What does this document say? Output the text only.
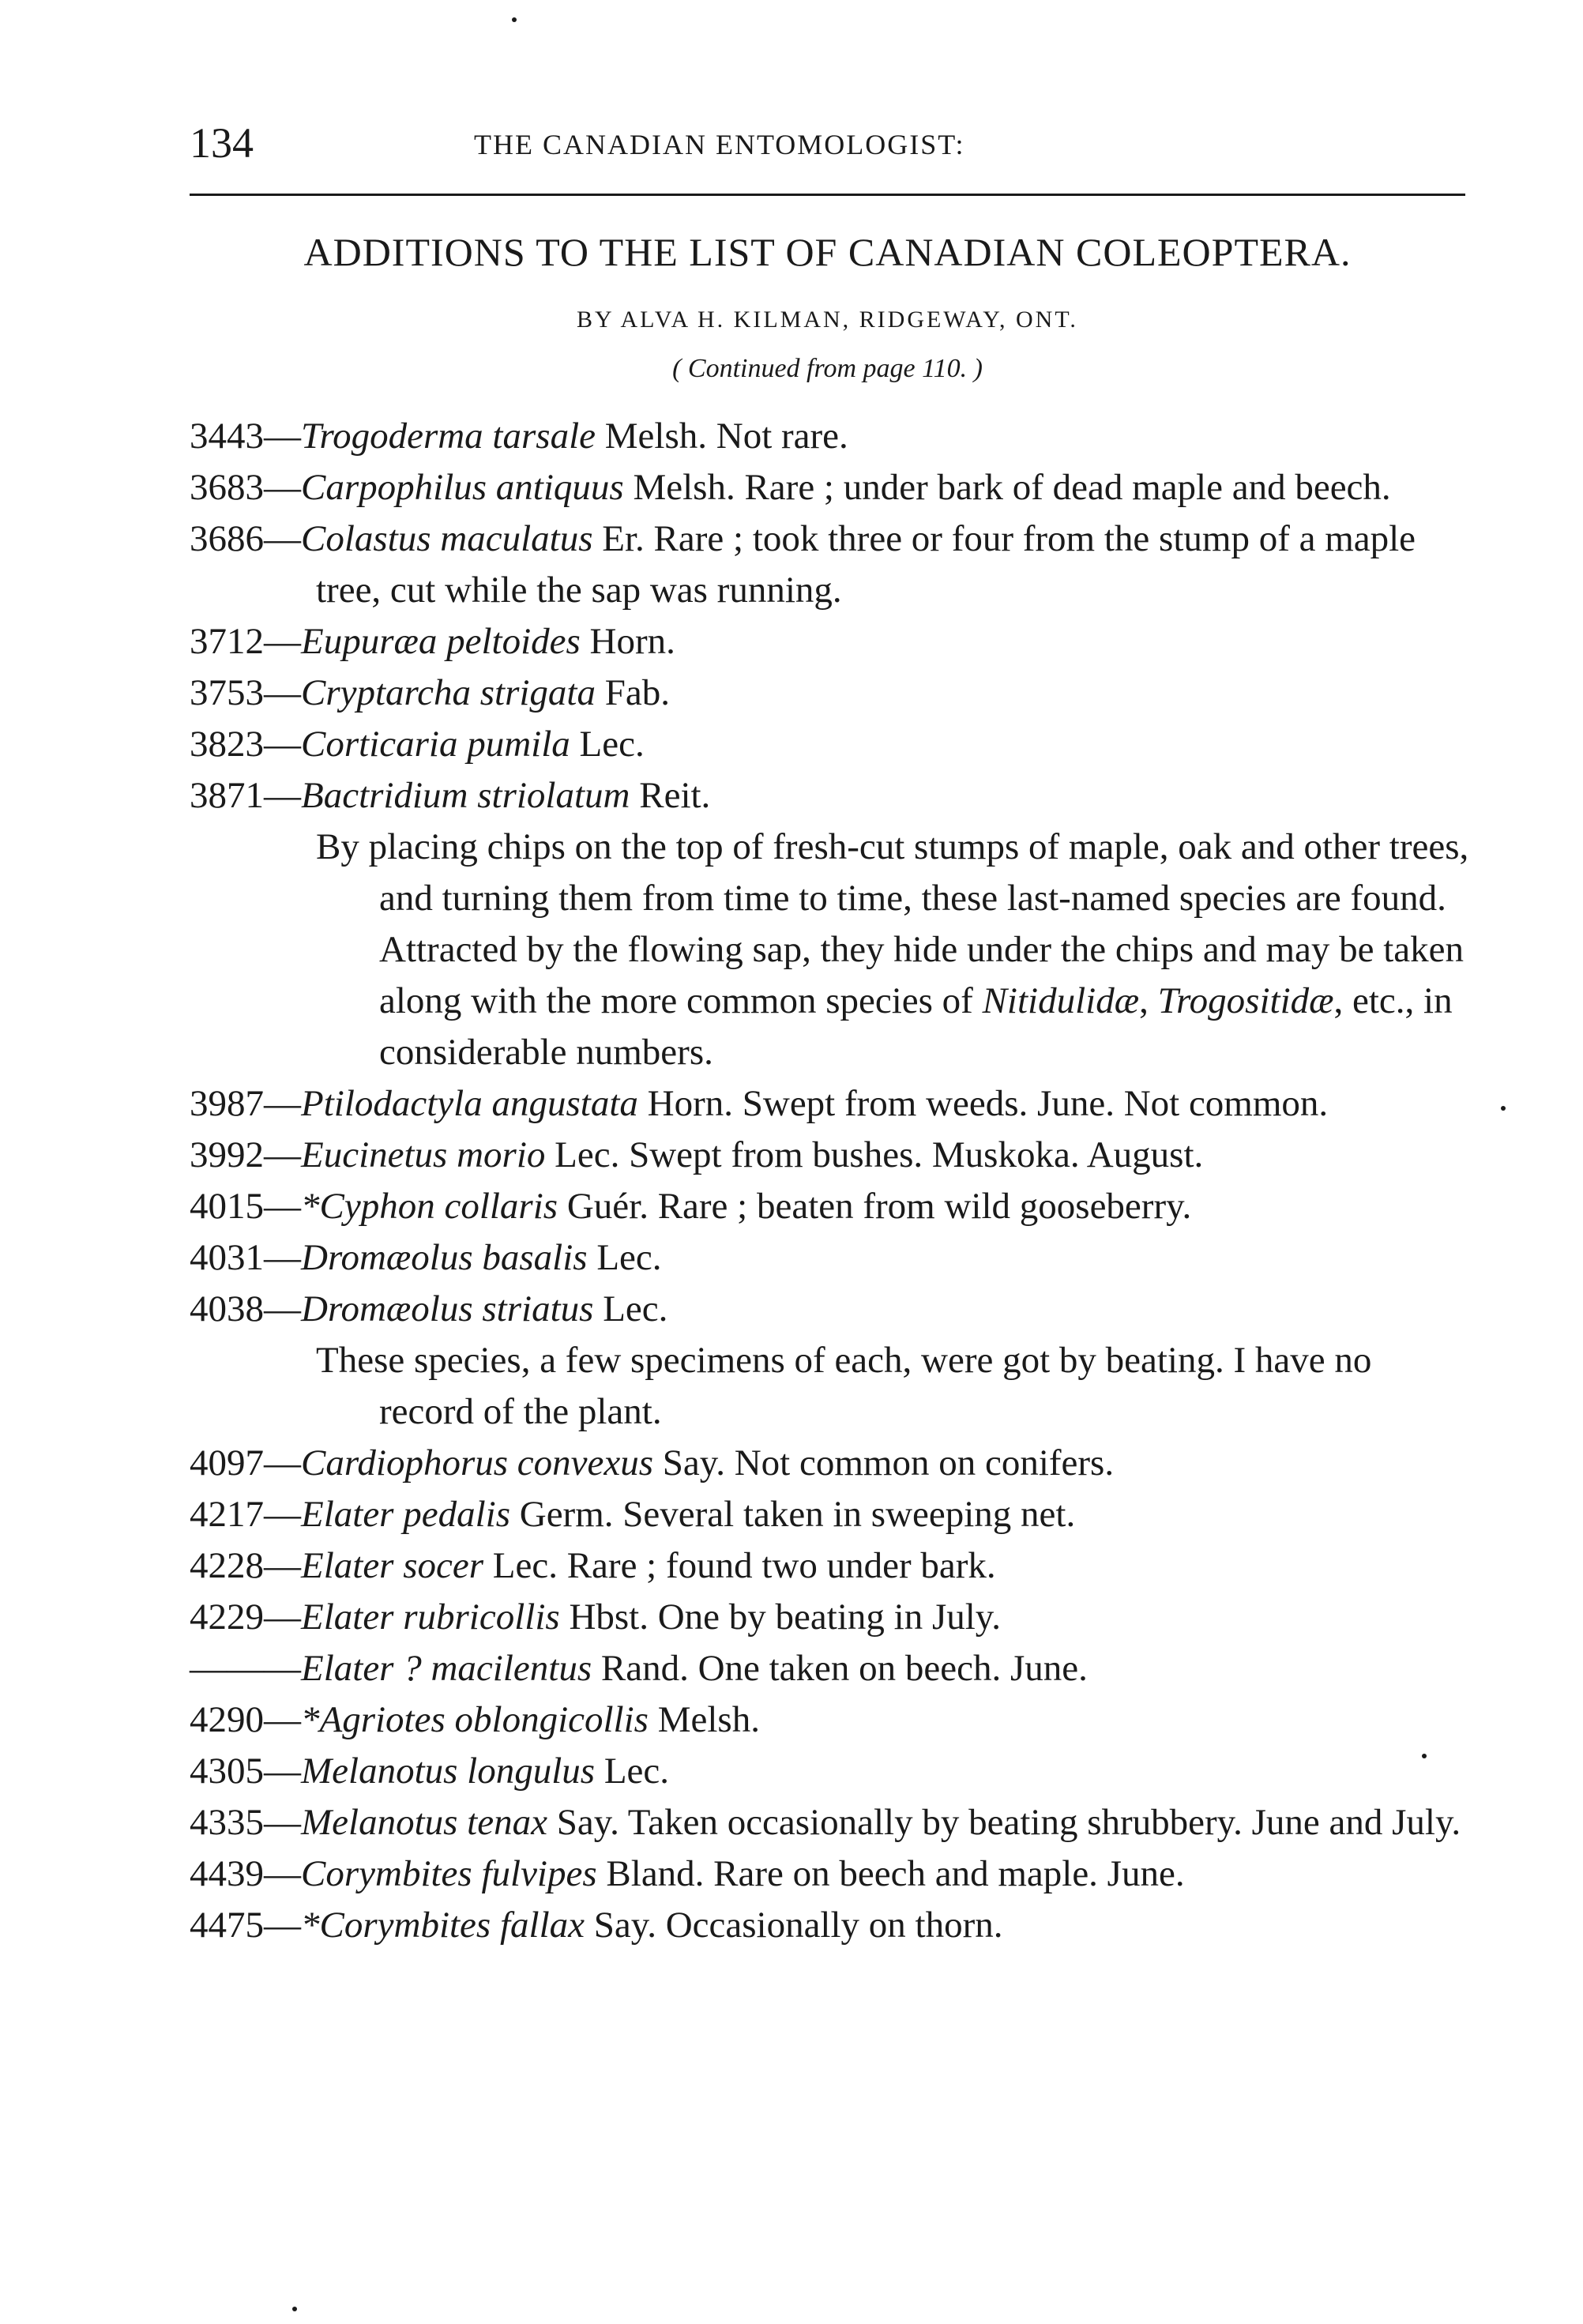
134	THE CANADIAN ENTOMOLOGIST:
ADDITIONS TO THE LIST OF CANADIAN COLEOPTERA.
BY ALVA H. KILMAN, RIDGEWAY, ONT.
( Continued from page 110. )

3443—Trogoderma tarsale Melsh. Not rare.

3683—Carpophilus antiquus Melsh. Rare ; under bark of dead maple and beech.

3686—Colastus maculatus Er. Rare ; took three or four from the stump of a maple tree, cut while the sap was running.

3712—Eupuræa peltoides Horn.

3753—Cryptarcha strigata Fab.

3823—Corticaria pumila Lec.

3871—Bactridium striolatum Reit.

By placing chips on the top of fresh-cut stumps of maple, oak and other trees, and turning them from time to time, these last-named species are found. Attracted by the flowing sap, they hide under the chips and may be taken along with the more common species of Nitidulidæ, Trogositidæ, etc., in considerable numbers.

3987—Ptilodactyla angustata Horn. Swept from weeds. June. Not common.

3992—Eucinetus morio Lec. Swept from bushes. Muskoka. August.

4015—*Cyphon collaris Guér. Rare ; beaten from wild gooseberry.

4031—Dromæolus basalis Lec.

4038—Dromæolus striatus Lec.

These species, a few specimens of each, were got by beating. I have no record of the plant.

4097—Cardiophorus convexus Say. Not common on conifers.

4217—Elater pedalis Germ. Several taken in sweeping net.

4228—Elater socer Lec. Rare ; found two under bark.

4229—Elater rubricollis Hbst. One by beating in July.

———Elater ? macilentus Rand. One taken on beech. June.

4290—*Agriotes oblongicollis Melsh.

4305—Melanotus longulus Lec.

4335—Melanotus tenax Say. Taken occasionally by beating shrubbery. June and July.

4439—Corymbites fulvipes Bland. Rare on beech and maple. June.

4475—*Corymbites fallax Say. Occasionally on thorn.
